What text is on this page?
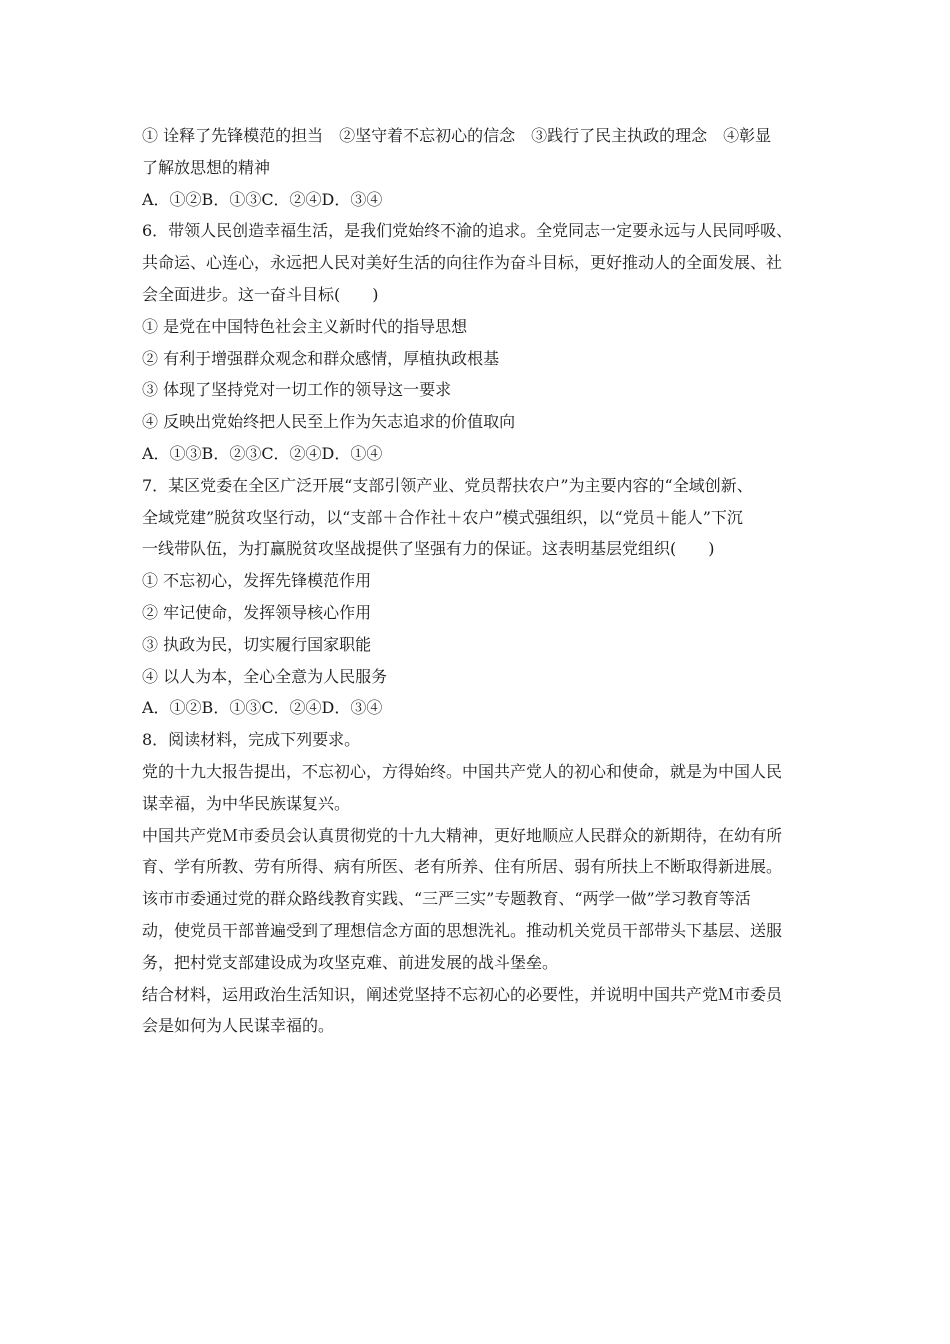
① 诠释了先锋模范的担当　②坚守着不忘初心的信念　③践行了民主执政的理念　④彰显
了解放思想的精神
A．①②B．①③C．②④D．③④
6．带领人民创造幸福生活，是我们党始终不渝的追求。全党同志一定要永远与人民同呼吸、
共命运、心连心，永远把人民对美好生活的向往作为奋斗目标，更好推动人的全面发展、社
会全面进步。这一奋斗目标(　　)
① 是党在中国特色社会主义新时代的指导思想
② 有利于增强群众观念和群众感情，厚植执政根基
③ 体现了坚持党对一切工作的领导这一要求
④ 反映出党始终把人民至上作为矢志追求的价值取向
A．①③B．②③C．②④D．①④
7．某区党委在全区广泛开展“支部引领产业、党员帮扶农户”为主要内容的“全域创新、
全域党建”脱贫攻坚行动，以“支部＋合作社＋农户”模式强组织，以“党员＋能人”下沉
一线带队伍，为打赢脱贫攻坚战提供了坚强有力的保证。这表明基层党组织(　　)
① 不忘初心，发挥先锋模范作用
② 牢记使命，发挥领导核心作用
③ 执政为民，切实履行国家职能
④ 以人为本，全心全意为人民服务
A．①②B．①③C．②④D．③④
8．阅读材料，完成下列要求。
党的十九大报告提出，不忘初心，方得始终。中国共产党人的初心和使命，就是为中国人民
谋幸福，为中华民族谋复兴。
中国共产党Ｍ市委员会认真贯彻党的十九大精神，更好地顺应人民群众的新期待，在幼有所
育、学有所教、劳有所得、病有所医、老有所养、住有所居、弱有所扶上不断取得新进展。
该市市委通过党的群众路线教育实践、“三严三实”专题教育、“两学一做”学习教育等活
动，使党员干部普遍受到了理想信念方面的思想洗礼。推动机关党员干部带头下基层、送服
务，把村党支部建设成为攻坚克难、前进发展的战斗堡垒。
结合材料，运用政治生活知识，阐述党坚持不忘初心的必要性，并说明中国共产党Ｍ市委员
会是如何为人民谋幸福的。
